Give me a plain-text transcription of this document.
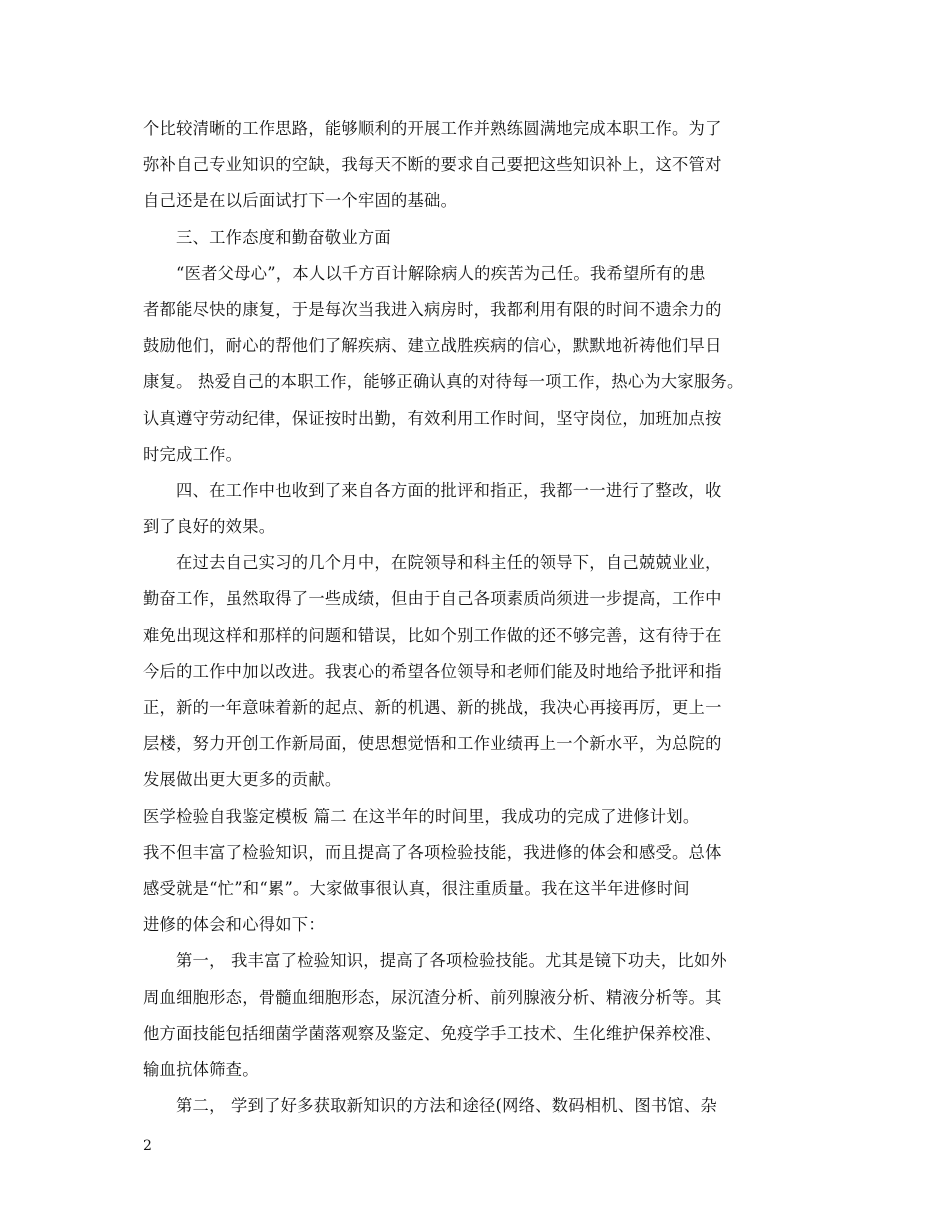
个比较清晰的工作思路，能够顺利的开展工作并熟练圆满地完成本职工作。为了
弥补自己专业知识的空缺，我每天不断的要求自己要把这些知识补上，这不管对
自己还是在以后面试打下一个牢固的基础。
三、工作态度和勤奋敬业方面
“医者父母心”，本人以千方百计解除病人的疾苦为己任。我希望所有的患
者都能尽快的康复，于是每次当我进入病房时，我都利用有限的时间不遗余力的
鼓励他们，耐心的帮他们了解疾病、建立战胜疾病的信心，默默地祈祷他们早日
康复。 热爱自己的本职工作，能够正确认真的对待每一项工作，热心为大家服务。
认真遵守劳动纪律，保证按时出勤，有效利用工作时间，坚守岗位，加班加点按
时完成工作。
四、在工作中也收到了来自各方面的批评和指正，我都一一进行了整改，收
到了良好的效果。
在过去自己实习的几个月中，在院领导和科主任的领导下，自己兢兢业业，
勤奋工作，虽然取得了一些成绩，但由于自己各项素质尚须进一步提高，工作中
难免出现这样和那样的问题和错误，比如个别工作做的还不够完善，这有待于在
今后的工作中加以改进。我衷心的希望各位领导和老师们能及时地给予批评和指
正，新的一年意味着新的起点、新的机遇、新的挑战，我决心再接再厉，更上一
层楼，努力开创工作新局面，使思想觉悟和工作业绩再上一个新水平，为总院的
发展做出更大更多的贡献。
医学检验自我鉴定模板 篇二 在这半年的时间里，我成功的完成了进修计划。
我不但丰富了检验知识，而且提高了各项检验技能，我进修的体会和感受。总体
感受就是“忙”和“累”。大家做事很认真，很注重质量。我在这半年进修时间
进修的体会和心得如下：
第一， 我丰富了检验知识，提高了各项检验技能。尤其是镜下功夫，比如外
周血细胞形态，骨髓血细胞形态，尿沉渣分析、前列腺液分析、精液分析等。其
他方面技能包括细菌学菌落观察及鉴定、免疫学手工技术、生化维护保养校准、
输血抗体筛查。
第二， 学到了好多获取新知识的方法和途径(网络、数码相机、图书馆、杂
2
